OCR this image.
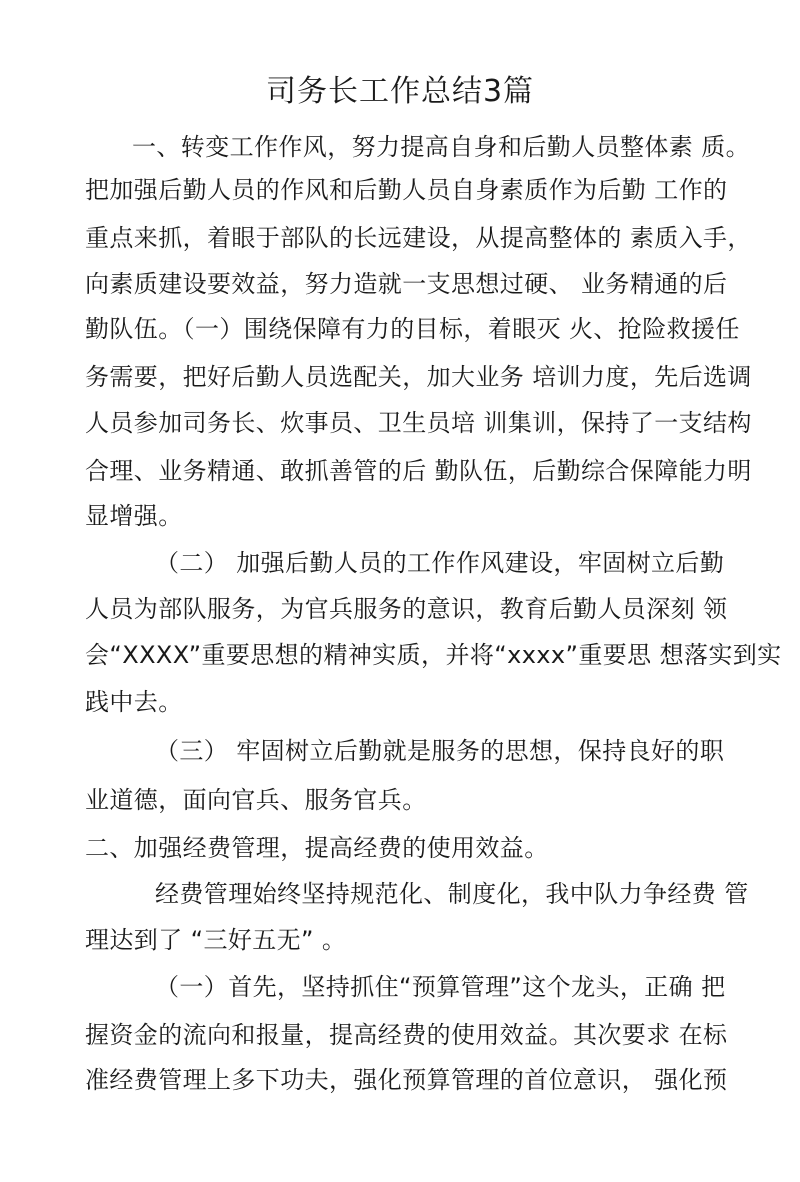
司务长工作总结3篇
一、转变工作作风，努力提高自身和后勤人员整体素 质。
把加强后勤人员的作风和后勤人员自身素质作为后勤 工作的
重点来抓，着眼于部队的长远建设，从提高整体的 素质入手，
向素质建设要效益，努力造就一支思想过硬、 业务精通的后
勤队伍。（一）围绕保障有力的目标，着眼灭 火、抢险救援任
务需要，把好后勤人员选配关，加大业务 培训力度，先后选调
人员参加司务长、炊事员、卫生员培 训集训，保持了一支结构
合理、业务精通、敢抓善管的后 勤队伍，后勤综合保障能力明
显增强。
（二） 加强后勤人员的工作作风建设，牢固树立后勤
人员为部队服务，为官兵服务的意识，教育后勤人员深刻 领
会“XXXX”重要思想的精神实质，并将“xxxx”重要思 想落实到实
践中去。
（三） 牢固树立后勤就是服务的思想，保持良好的职
业道德，面向官兵、服务官兵。
二、加强经费管理，提高经费的使用效益。
经费管理始终坚持规范化、制度化，我中队力争经费 管
理达到了 “三好五无” 。
（一）首先，坚持抓住“预算管理”这个龙头，正确 把
握资金的流向和报量，提高经费的使用效益。其次要求 在标
准经费管理上多下功夫，强化预算管理的首位意识， 强化预
